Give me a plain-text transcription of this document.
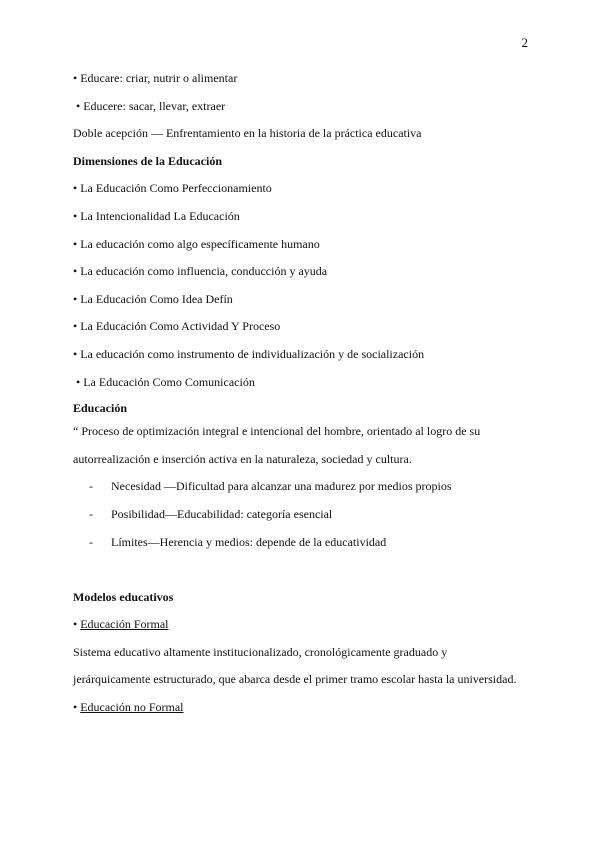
2
• Educare: criar, nutrir o alimentar
• Educere: sacar, llevar, extraer
Doble acepción — Enfrentamiento en la historia de la práctica educativa
Dimensiones de la Educación
• La Educación Como Perfeccionamiento
• La Intencionalidad La Educación
• La educación como algo específicamente humano
• La educación como influencia, conducción y ayuda
• La Educación Como Idea Defín
• La Educación Como Actividad Y Proceso
• La educación como instrumento de individualización y de socialización
• La Educación Como Comunicación
Educación
“ Proceso de optimización integral e intencional del hombre, orientado al logro de su
autorrealización e inserción activa en la naturaleza, sociedad y cultura.
- Necesidad —Dificultad para alcanzar una madurez por medios propios
- Posibilidad—Educabilidad: categoría esencial
- Límites—Herencia y medios: depende de la educatividad
Modelos educativos
• Educación Formal
Sistema educativo altamente institucionalizado, cronológicamente graduado y
jerárquicamente estructurado, que abarca desde el primer tramo escolar hasta la universidad.
• Educación no Formal
